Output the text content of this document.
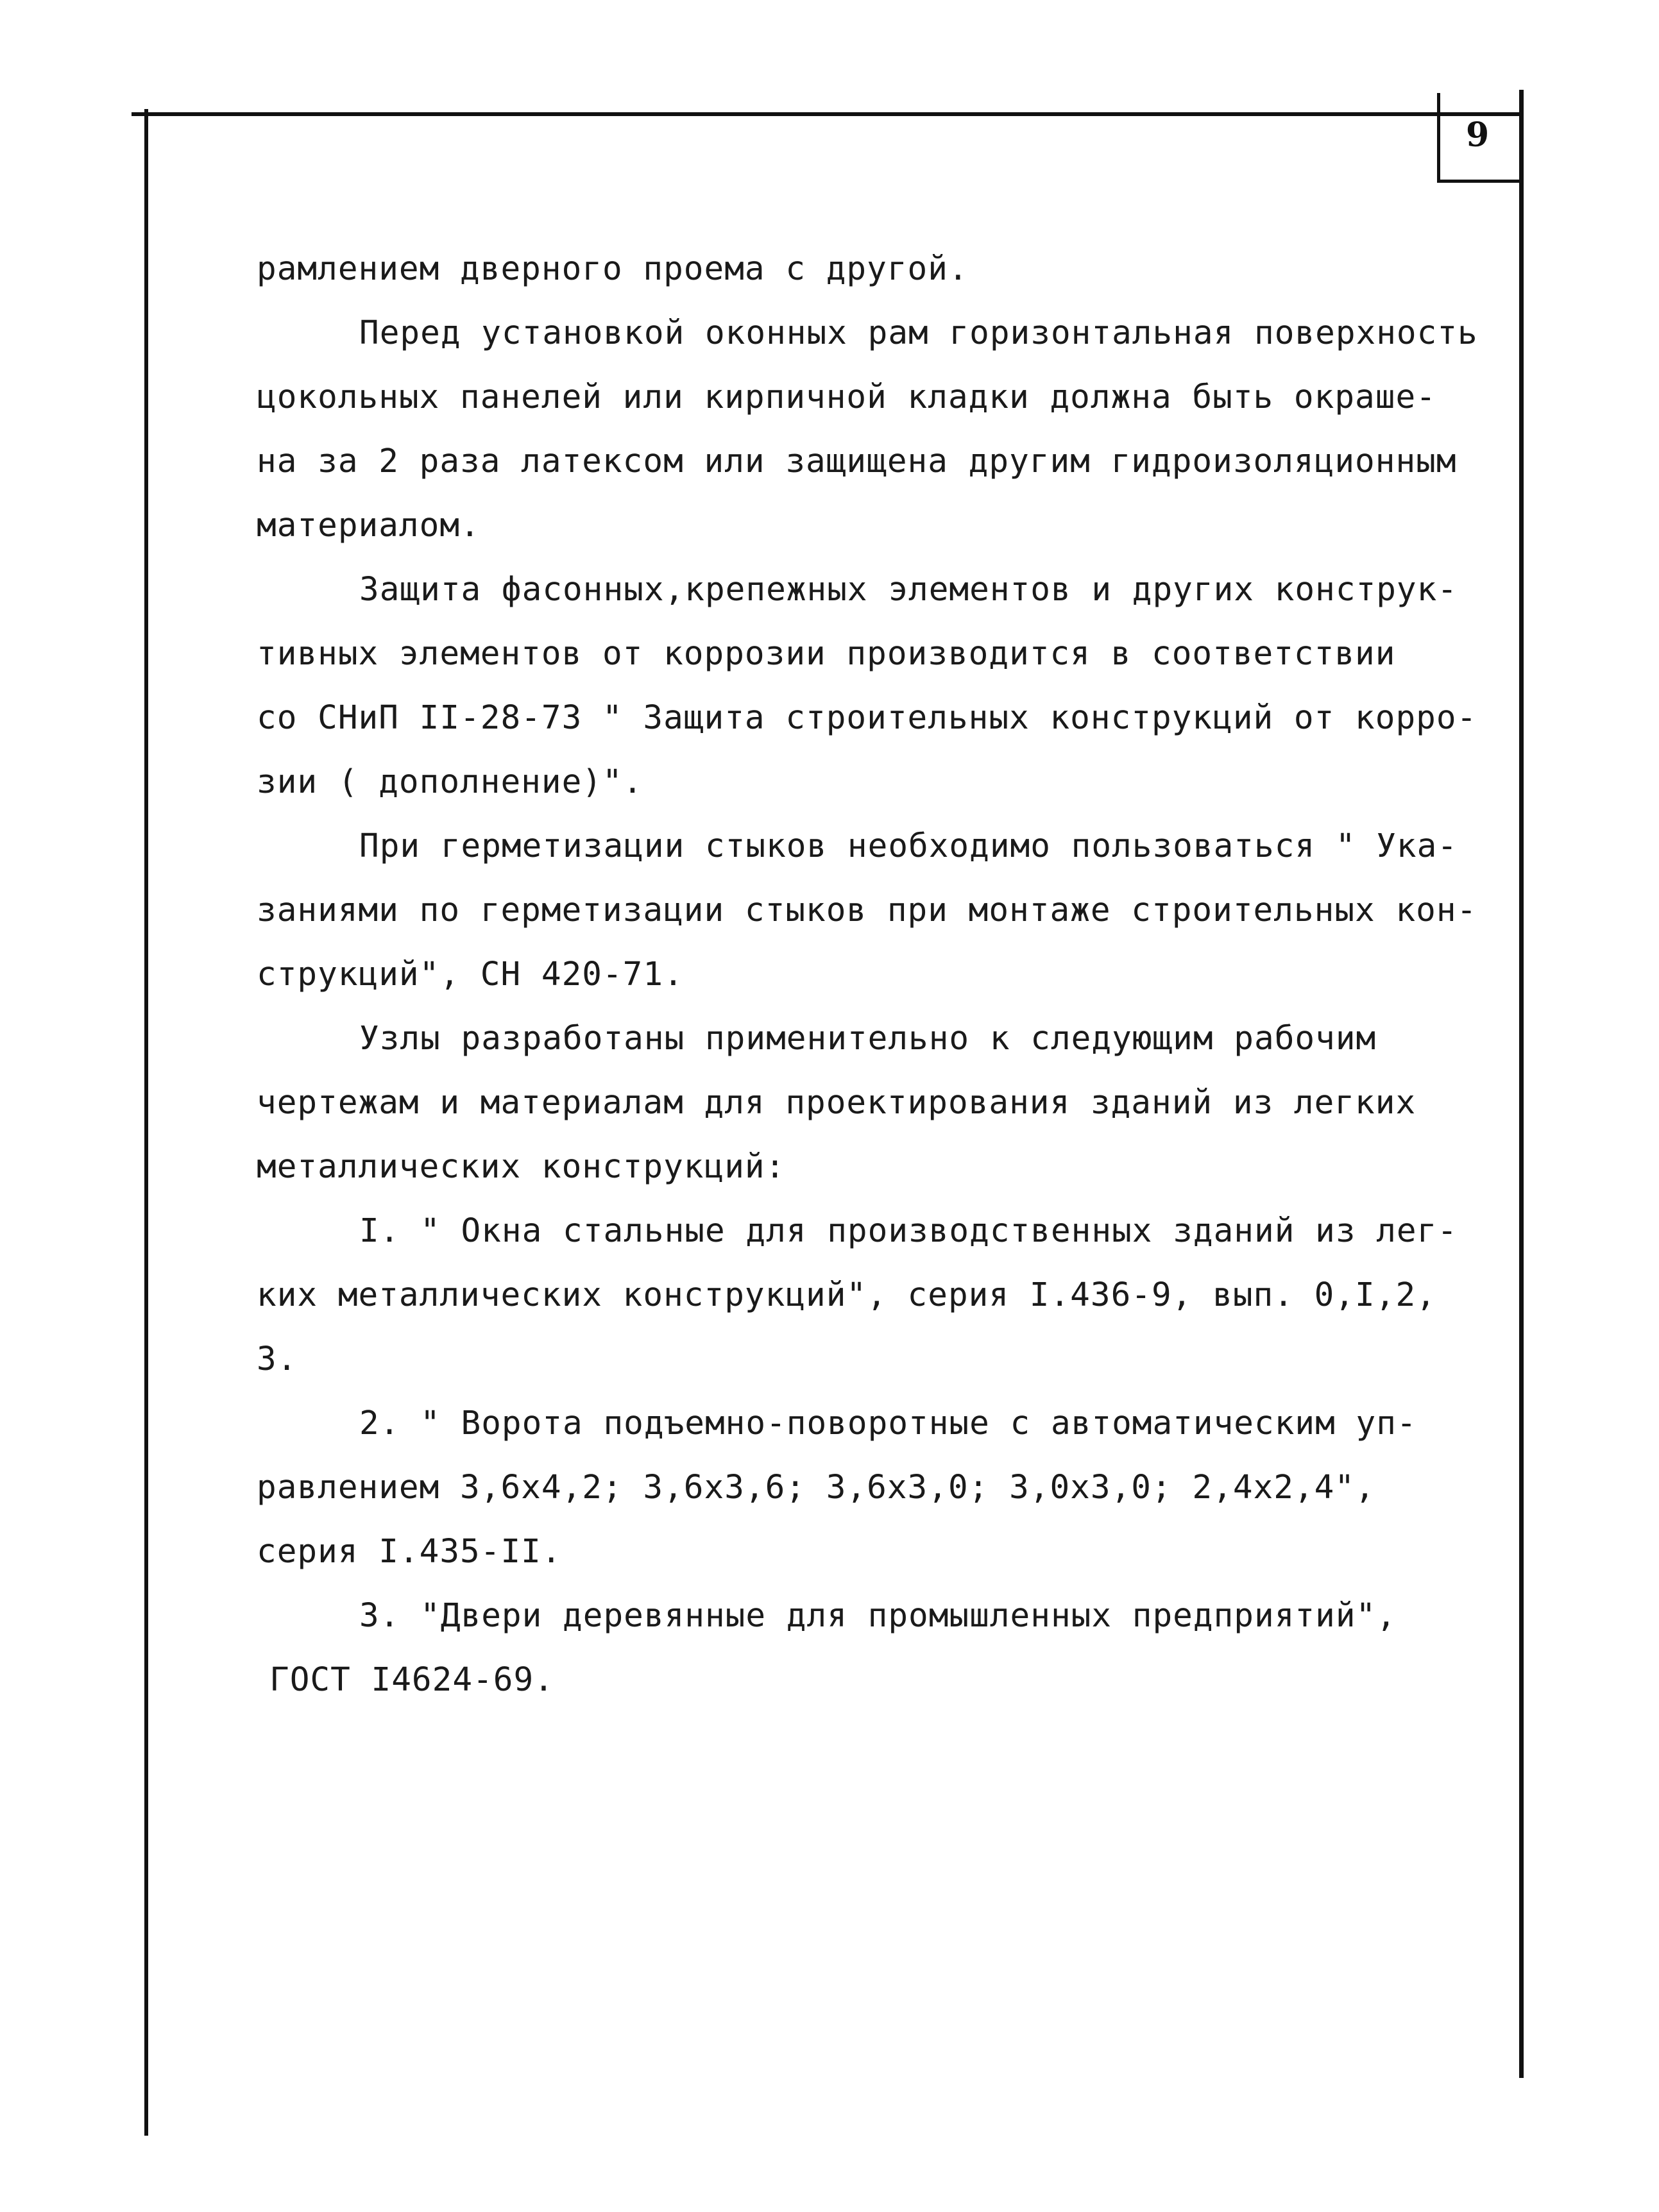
9
рамлением дверного проема с другой.
Перед установкой оконных рам горизонтальная поверхность
цокольных панелей или кирпичной кладки должна быть окраше-
на за 2 раза латексом или защищена другим гидроизоляционным
материалом.
Защита фасонных,крепежных элементов и других конструк-
тивных элементов от коррозии производится в соответствии
со СНиП II-28-73 " Защита строительных конструкций от корро-
зии ( дополнение)".
При герметизации стыков необходимо пользоваться " Ука-
заниями по герметизации стыков при монтаже строительных кон-
струкций", СН 420-71.
Узлы разработаны применительно к следующим рабочим
чертежам и материалам для проектирования зданий из легких
металлических конструкций:
I. " Окна стальные для производственных зданий из лег-
ких металлических конструкций", серия I.436-9, вып. 0,I,2,
3.
2. " Ворота подъемно-поворотные с автоматическим уп-
равлением 3,6x4,2; 3,6x3,6; 3,6x3,0; 3,0x3,0; 2,4x2,4",
серия I.435-II.
3. "Двери деревянные для промышленных предприятий",
ГОСТ I4624-69.
